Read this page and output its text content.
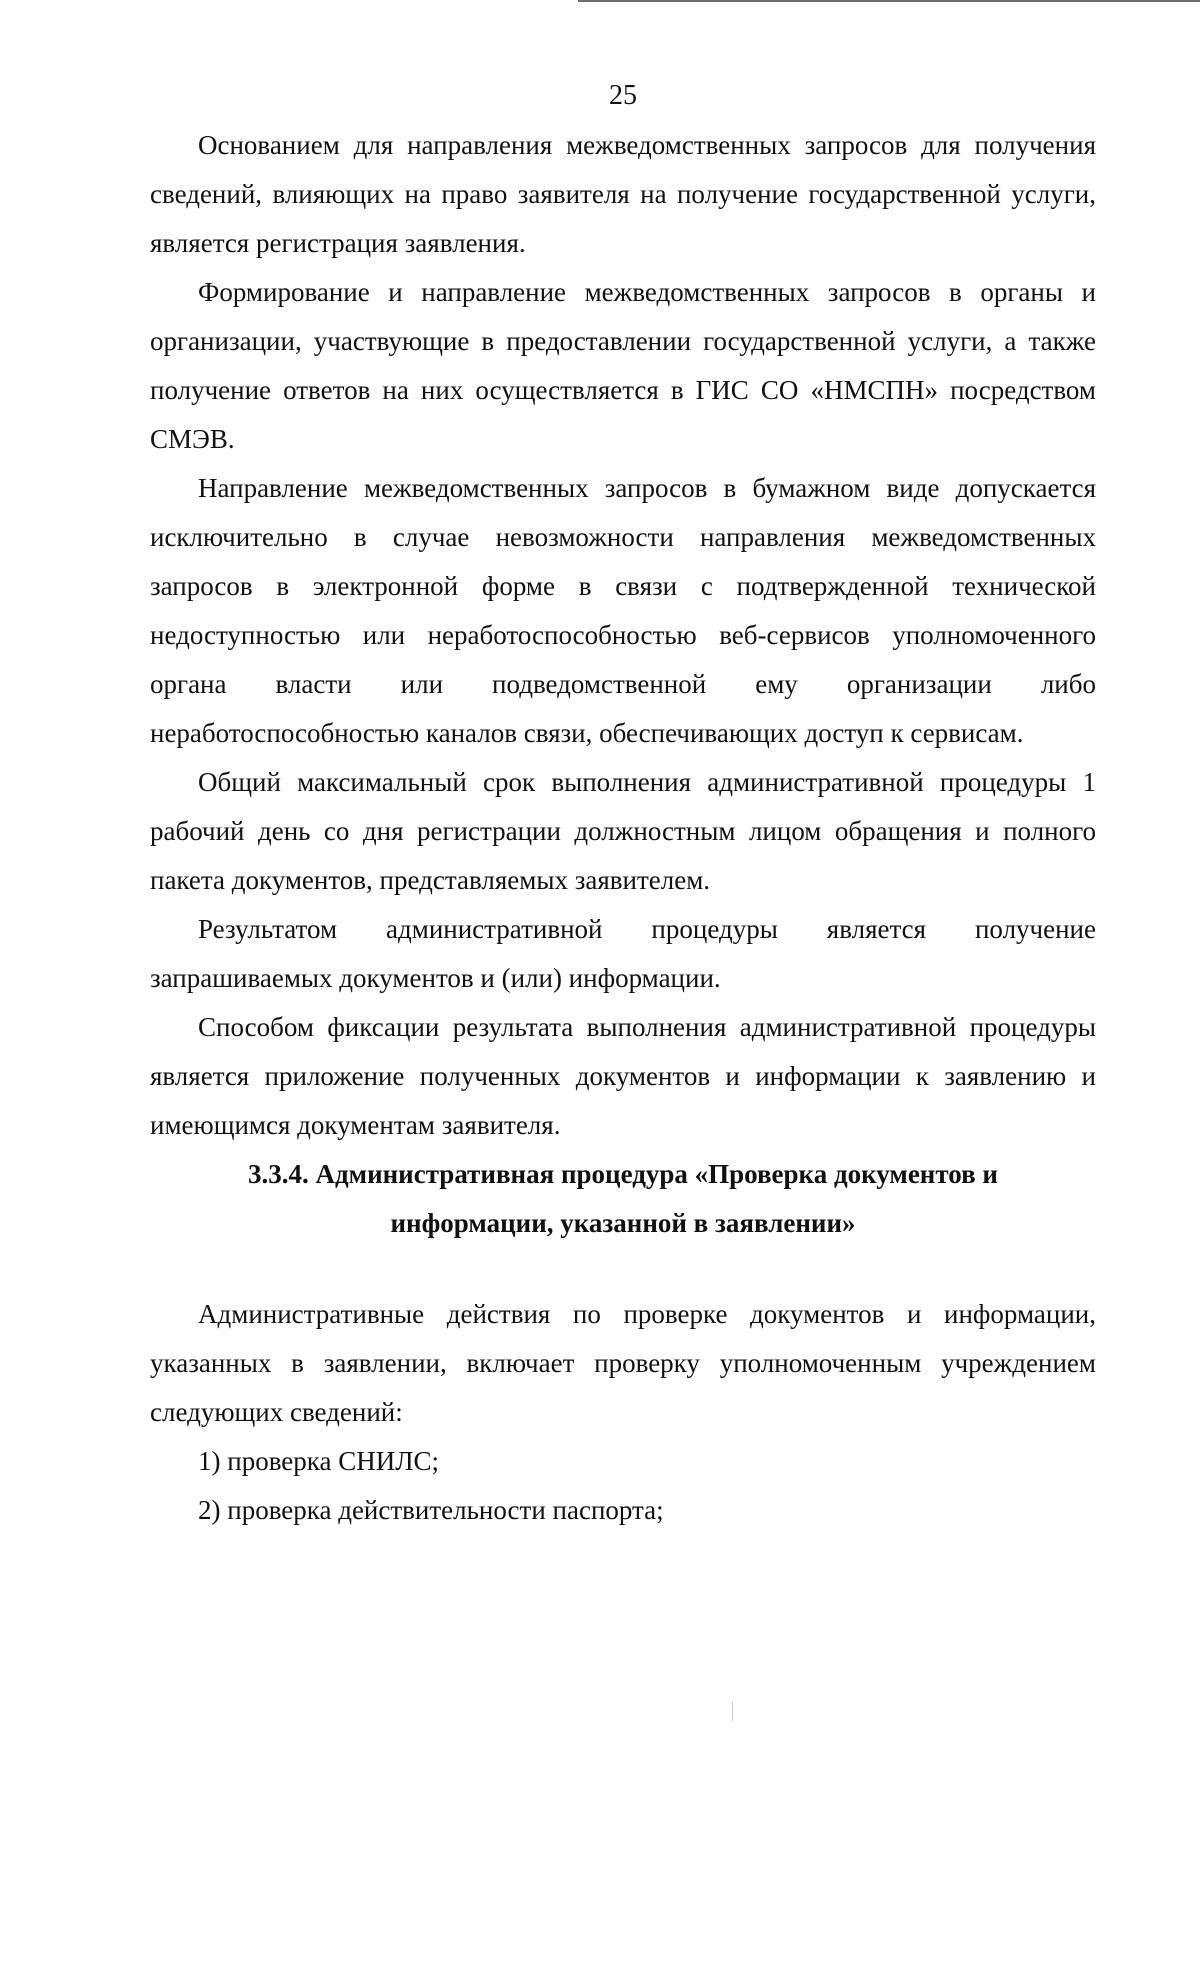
25

Основанием для направления межведомственных запросов для получения сведений, влияющих на право заявителя на получение государственной услуги, является регистрация заявления.

Формирование и направление межведомственных запросов в органы и организации, участвующие в предоставлении государственной услуги, а также получение ответов на них осуществляется в ГИС СО «НМСПН» посредством СМЭВ.

Направление межведомственных запросов в бумажном виде допускается исключительно в случае невозможности направления межведомственных запросов в электронной форме в связи с подтвержденной технической недоступностью или неработоспособностью веб-сервисов уполномоченного органа власти или подведомственной ему организации либо неработоспособностью каналов связи, обеспечивающих доступ к сервисам.

Общий максимальный срок выполнения административной процедуры 1 рабочий день со дня регистрации должностным лицом обращения и полного пакета документов, представляемых заявителем.

Результатом административной процедуры является получение запрашиваемых документов и (или) информации.

Способом фиксации результата выполнения административной процедуры является приложение полученных документов и информации к заявлению и имеющимся документам заявителя.

3.3.4. Административная процедура «Проверка документов и
информации, указанной в заявлении»

Административные действия по проверке документов и информации, указанных в заявлении, включает проверку уполномоченным учреждением следующих сведений:

1) проверка СНИЛС;

2) проверка действительности паспорта;
